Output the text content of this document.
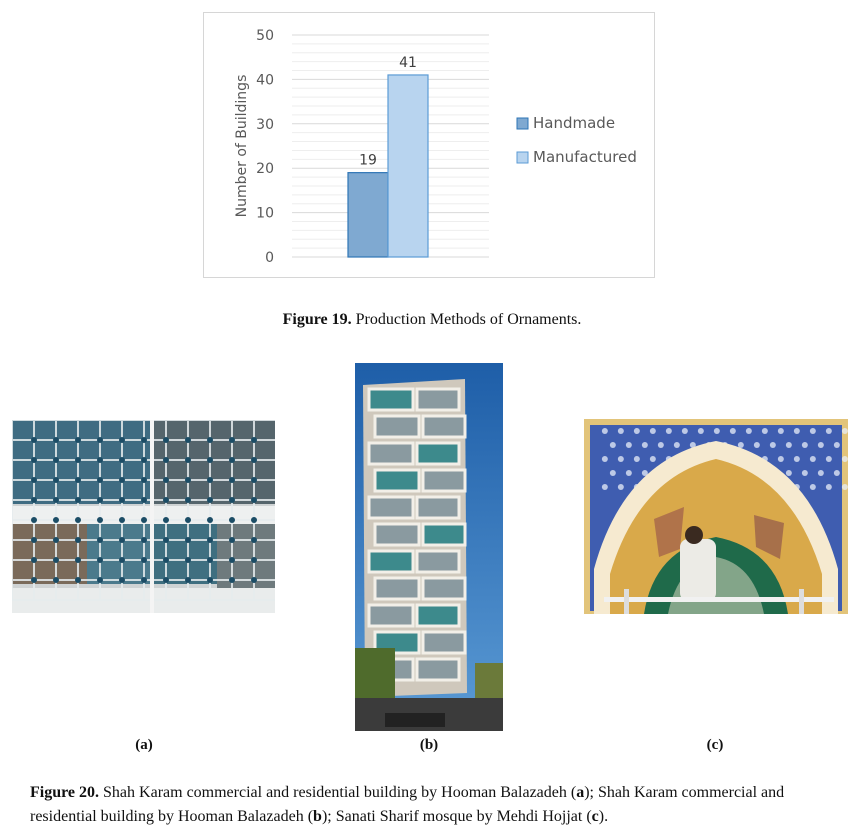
0
10
20
30
40
50
Number of Buildings	19
41
Handmade
Manufactured
Figure 19. Production Methods of Ornaments.
(a)	(b)	(c)
Figure 20. Shah Karam commercial and residential building by Hooman Balazadeh (a); Shah Karam commercial and residential building by Hooman Balazadeh (b); Sanati Sharif mosque by Mehdi Hojjat (c).
